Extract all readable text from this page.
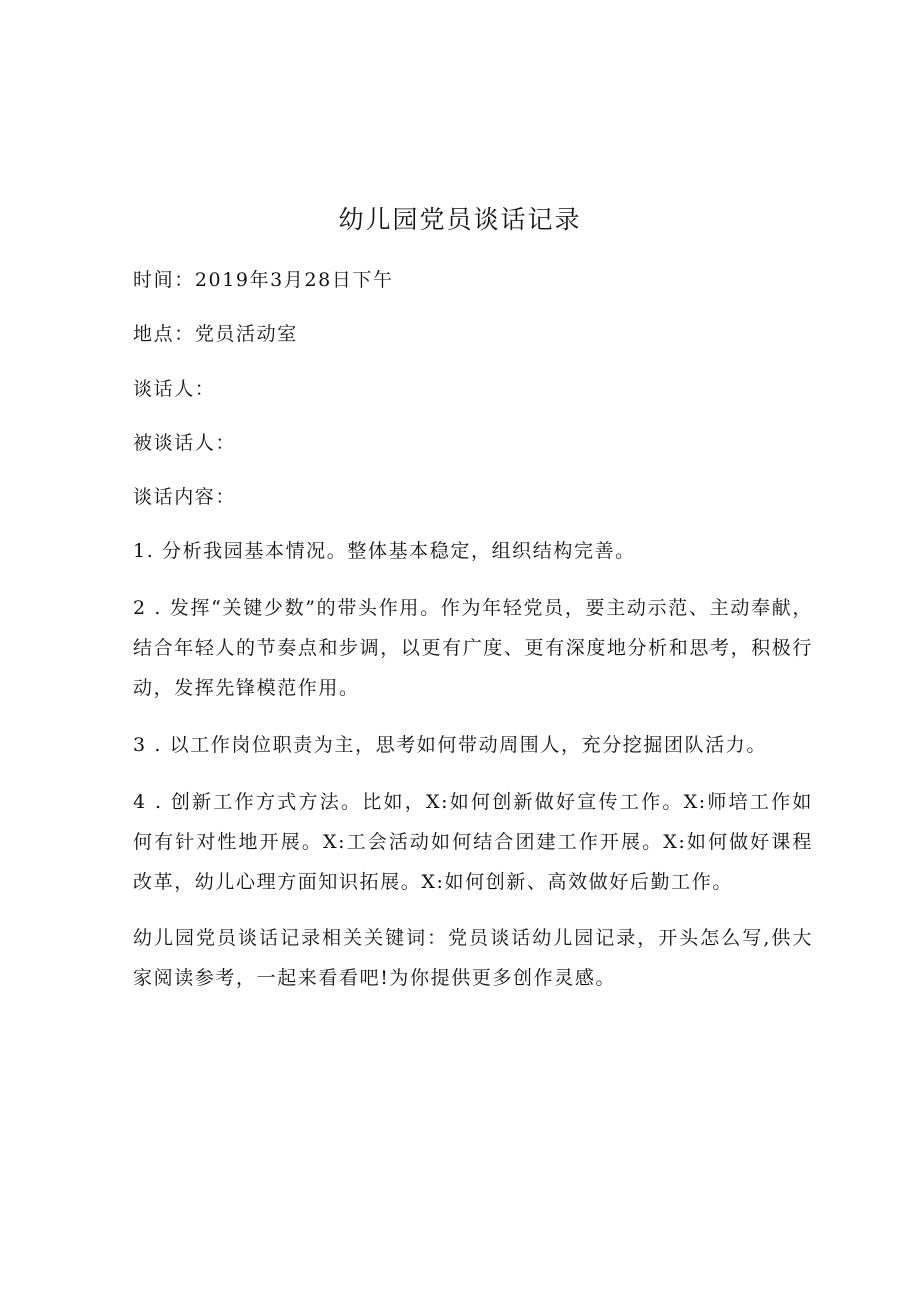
幼儿园党员谈话记录

时间：2019年3月28日下午

地点：党员活动室

谈话人：

被谈话人：

谈话内容：

1. 分析我园基本情况。整体基本稳定，组织结构完善。

2 . 发挥“关键少数”的带头作用。作为年轻党员，要主动示范、主动奉献，结合年轻人的节奏点和步调，以更有广度、更有深度地分析和思考，积极行动，发挥先锋模范作用。

3 . 以工作岗位职责为主，思考如何带动周围人，充分挖掘团队活力。

4 . 创新工作方式方法。比如，X:如何创新做好宣传工作。X:师培工作如何有针对性地开展。X:工会活动如何结合团建工作开展。X:如何做好课程改革，幼儿心理方面知识拓展。X:如何创新、高效做好后勤工作。

幼儿园党员谈话记录相关关键词：党员谈话幼儿园记录，开头怎么写,供大家阅读参考，一起来看看吧!为你提供更多创作灵感。
